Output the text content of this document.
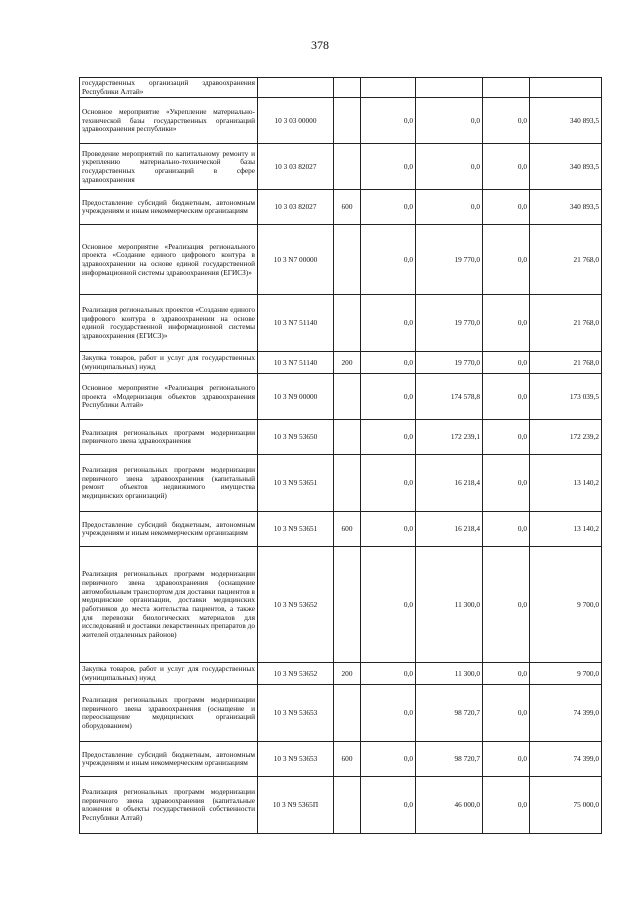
378
государственных организаций здравоохранения Республики Алтай»						
Основное мероприятие «Укрепление материально-технической базы государственных организаций здравоохранения республики»	10 3 03 00000		0,0	0,0	0,0	340 893,5
Проведение мероприятий по капитальному ремонту и укреплению материально-технической базы государственных организаций в сфере здравоохранения	10 3 03 82027		0,0	0,0	0,0	340 893,5
Предоставление субсидий бюджетным, автономным учреждениям и иным некоммерческим организациям	10 3 03 82027	600	0,0	0,0	0,0	340 893,5
Основное мероприятие «Реализация регионального проекта «Создание единого цифрового контура в здравоохранении на основе единой государственной информационной системы здравоохранения (ЕГИСЗ)»	10 3 N7 00000		0,0	19 770,0	0,0	21 768,0
Реализация региональных проектов «Создание единого цифрового контура в здравоохранении на основе единой государственной информационной системы здравоохранения (ЕГИСЗ)»	10 3 N7 51140		0,0	19 770,0	0,0	21 768,0
Закупка товаров, работ и услуг для государственных (муниципальных) нужд	10 3 N7 51140	200	0,0	19 770,0	0,0	21 768,0
Основное мероприятие «Реализация регионального проекта «Модернизация объектов здравоохранения Республики Алтай»	10 3 N9 00000		0,0	174 578,8	0,0	173 039,5
Реализация региональных программ модернизации первичного звена здравоохранения	10 3 N9 53650		0,0	172 239,1	0,0	172 239,2
Реализация региональных программ модернизации первичного звена здравоохранения (капитальный ремонт объектов недвижимого имущества медицинских организаций)	10 3 N9 53651		0,0	16 218,4	0,0	13 140,2
Предоставление субсидий бюджетным, автономным учреждениям и иным некоммерческим организациям	10 3 N9 53651	600	0,0	16 218,4	0,0	13 140,2
Реализация региональных программ модернизации первичного звена здравоохранения (оснащение автомобильным транспортом для доставки пациентов в медицинские организации, доставки медицинских работников до места жительства пациентов, а также для перевозки биологических материалов для исследований и доставки лекарственных препаратов до жителей отдаленных районов)	10 3 N9 53652		0,0	11 300,0	0,0	9 700,0
Закупка товаров, работ и услуг для государственных (муниципальных) нужд	10 3 N9 53652	200	0,0	11 300,0	0,0	9 700,0
Реализация региональных программ модернизации первичного звена здравоохранения (оснащение и переоснащение медицинских организаций оборудованием)	10 3 N9 53653		0,0	98 720,7	0,0	74 399,0
Предоставление субсидий бюджетным, автономным учреждениям и иным некоммерческим организациям	10 3 N9 53653	600	0,0	98 720,7	0,0	74 399,0
Реализация региональных программ модернизации первичного звена здравоохранения (капитальные вложения в объекты государственной собственности Республики Алтай)	10 3 N9 5365П		0,0	46 000,0	0,0	75 000,0
